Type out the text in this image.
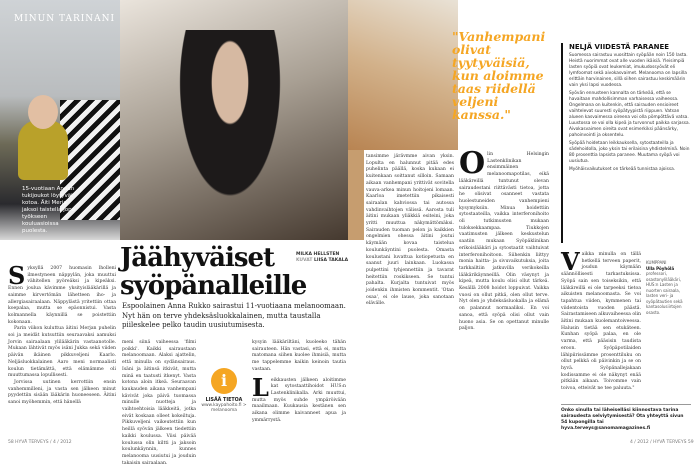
MINUN TARINANI
15-vuotiaan Annan tukijoukot löytyvät kotoa. Äiti Merja jaksoi taistella jopa työkseen kouluasioissa puolesta.
Jäähyväiset
syöpänalleille
MILKA HELLSTEN
KUVAT LIISA TAKALA
Espoolainen Anna Rukko sairastui 11-vuotiaana melanoomaan. Nyt hän on terve yhdeksäsluokkalainen, mutta taustalla piileskelee pelko taudin uusiutumisesta.
Syksyllä 2007 huomasin lholleni ilmestyneen näppylän, joka muuttui vähitellen pyöreäksi ja kipeäksi. Ennen joulua kävimme yksityislääkärillä ja saimme kirvertömän lähetteen iho- ja allergiasairaalaan. Näppylästä yritettiin ottaa koepalaa, mutta se epäonnistui. Vasta kolmannella käynnillä se poistettiin kokonaan.

Parin viikon kuluttua äitini Merjan puhelin soi ja meidät kutsuttiin seuraavaksi aamuksi Jorvin sairaalaan ylilääkärin vastaanotolle. Mukaan lähtivät myös isäni Jukka sekä viiden päivän ikäinen pikkuveljeni Kaarlo. Neljäsluokkalainen Aaro meni normaalisti koulun tietämättä, että elämämme oli muuttumassa lopullisesti.

Jorvissa uutinen kerrottiin ensin vanhemmilleni, ja vasta sen jälkeen minut pyydettiin sisään lääkärin huoneeseen. Äitini sanoi myöhemmin, että hänellä

meni siinä vaiheessa 'filmi poikki'. Kaikki sairaustaan melanoomaan. Alaksi ajattelin, että minulla on sydänsairaus. Isäni ja äitinsä itkivät, mutta minä en taatusti itkenyt. Vasta kotona aloin itkeä. Seuraavan kaukauden aikana vanhempani kävivät joka päivä tuomassa minulle nuotteja ja vaihtoehtoisia lääkkeitä, jotka eivät koskaan olleet kokeiltuja. Pikkuveljeni vaikeutettiin kun heillä syövän jälkeen tiedettiin kaikki koulussa. Viisi päivää koulussa olin kiltti ja jaksoin koulunkäynnin, kunnes melanooma uusiutui ja jouduin takaisin sairaalaan.
kysyin lääkäriltäni, kuoleeko tähän sairauteen. Hän vastasi, että ei, mutta matomana siihen kuolee ihmisiä, mutta me tappelemme kaikin keinoin tautia vastaan.
Leikkausten jälkeen aloitimme kat sytostaattihoidot HUS:n Lastenklinikalla. Arki muuttui, mutta myös suhde ympäröivään maailmaan. Kuukausia kestänen sen aikana olimme kaivanneet apua ja ymmärrystä.
i
LISÄÄ TIETOA
www.kaypahoito.fi > melanooma
58 HYVÄ TERVEYS / 4 / 2012
tansimme järävmme aivan yksin. Lopulta en halunnut pitää edes puhelinta päällä, koska kukaan ei kuitenkaan soittanut silloin. Samaan aikaan vanhempani yrittivät sovitella vauva-arkea minun hoitojeni lomaan. Kaarloa imetettiin pikaisesti sairaalan kahviossa tai autossa vahdinvaihtojen välissä. Aarosta tuli äitini mukaan yliäkkiä esiteini, joka yritti muuttua näkymättömäksi. Sairauden tuoman pelon ja kaikkien ongelmien ohessa äitini joutui käymään kovaa taistelua koulunkäyntini puolesta. Omasta koulustani luvattua kotiopetusta en saanut juuri lainkaan. Luokassa pulpettini tyhjennettiin ja tavarat heitettiin roskikseen. Se tuntui pahalta. Kurjalta tuntuivat myös joidenkin ihmisten kommentit. 'Otan osaa', ei ole lause, joka sanotaan elävälle.
Olin Helsingin Lastenklinikan ensimmäinen melanoomapotilas, eikä lääkäreillä tuntunut olevan sairaudestani riittävästi tietoa, jotta he olisivat osanneet vastata huolestuneiden vanhempieni kysymyksiin. Minua hoidettiin sytostaateilla, vaikka interferonihoito oli tutkimusten mukaan tuloksekkaampaa. Tiukkojen vaatimusten jälkeen keskustelun saatiin mukaan Syöpäklinikan erikoislääkäri ja sytostaatit vaihtuivat interferonihoitoon. Siihenkin liittyy monia haitta- ja sivuvaikutuksia, joita tarkkailtiin jatkuvilla verikokeilla lääkärikäynneillä. Olin väsynyt ja kipeä, mutta koulu olisi ollut tärkeä. Kesällä 2008 hoidot loppuivat. Vaikka vuosi on ollut pitkä, olen ollut terve. Nyt olen jo yhdeksäsluokalla ja elämä on palannut normaaliksi. En voi sanoa, että syöpä olisi ollut vain huono asia. Se on opettanut minulle paljon.
"Vanhempani olivat tyytyväisiä, kun aloimme taas riidellä veljeni kanssa."
NELJÄ VIIDESTÄ PARANEE

Suomessa sairastuu vuosittain syöpään noin 150 lasta. Heistä nuorimmat ovat alle vuoden ikäisiä. Yleisimpiä lasten syöpiä ovat leukemiat, imukudossyövät eli lymfoomat sekä aivokasvaimet. Melanooma on lapsilla erittäin harvinainen, sillä siihen sairastuu keskimäärin vain yksi lapsi vuodessa.

Syövän ennusteen kannalta on tärkeää, että se havaitaan mahdollisimman varhaisessa vaiheessa. Ongelmana on kuitenkin, että sairauden ensioireet vaihtelevat suuresti syöpätyypistä riippuen. Vatsan alueen kasvaimessa oireena voi olla pömpöttävä vatsa. Luustossa se voi olla kipeä ja turvonnut paikka sarjassa. Aivokasvaimen oireita ovat esimerkiksi päänsärky, pahoinvointi ja oksentelu.

Syöpää hoidetaan leikkauksella, sytostaateilla ja sädehoidolla, joko yksin tai erilaisina yhdistelminä. Noin 80 prosenttia lapsista paranee. Muutama syöpä voi uusiutua.

Myöhäisvaikutukset on tärkeää tunnistaa ajoissa.

Vaikka minulla on tällä hetkellä terveen paperit, joudun käymään säännöllisesti tarkastuksissa. Syöpä sain sen toiseksikin, että lääkäreillä ei ole tarpeeksi tietoa aikuisten melanoomasta. Se voi tapahtua viiden, kymmenen tai viidentoista vuoden päästä. Sairastamiseen alkuvaiheessa olin äitini mukaan kuolemantoiveessa. Halusin tietää sen etukäteen. Kunhan syöpä palaa, en ole varma, että pääsisin taudista eroon. Syöpäpotilaiden lähipiirissämme prosenttiluku on ollut pelkkä oli päivinkin ja se on hyvä. Syöpänallejakaan kodissamme ei ole näkynyt enää pitkään aikaan. Toivomme vain toivoa, etteivät ne tee paluuta."
KUMPPANI
Ulla Pöyhölä
professori, osastonylilääkäri, HUS:n Lasten ja nuorten sairaala, lasten veri- ja syöpätautien sekä kantasolusiirtojen osasto.
Onko sinulla tai läheiselläsi kiinnostava tarina sairaudesta selviytymisestä? Ota yhteyttä sivun 54 kupongilla tai hyva.terveys@sanomamagazines.fi
4 / 2012 / HYVÄ TERVEYS 59
